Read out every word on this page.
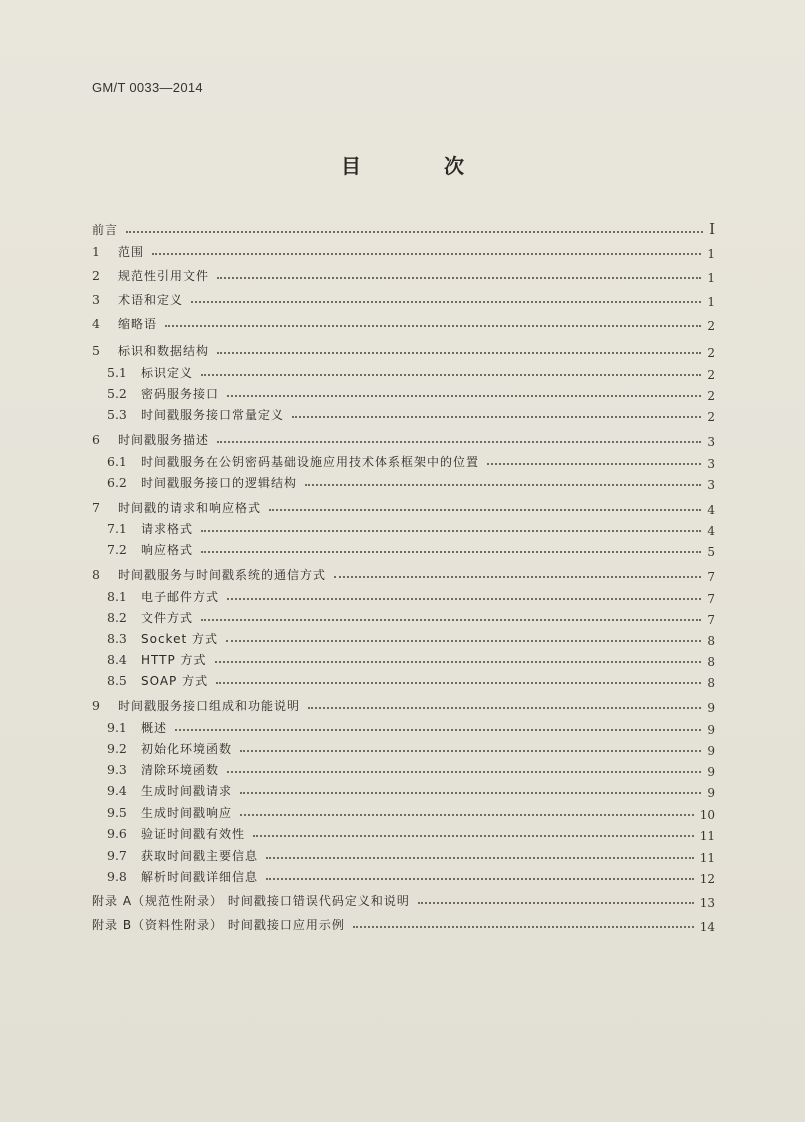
GM/T 0033—2014
目 次
前言	Ⅰ
1 范围	1
2 规范性引用文件	1
3 术语和定义	1
4 缩略语	2
5 标识和数据结构	2
5.1 标识定义	2
5.2 密码服务接口	2
5.3 时间戳服务接口常量定义	2
6 时间戳服务描述	3
6.1 时间戳服务在公钥密码基础设施应用技术体系框架中的位置	3
6.2 时间戳服务接口的逻辑结构	3
7 时间戳的请求和响应格式	4
7.1 请求格式	4
7.2 响应格式	5
8 时间戳服务与时间戳系统的通信方式	7
8.1 电子邮件方式	7
8.2 文件方式	7
8.3 Socket 方式	8
8.4 HTTP 方式	8
8.5 SOAP 方式	8
9 时间戳服务接口组成和功能说明	9
9.1 概述	9
9.2 初始化环境函数	9
9.3 清除环境函数	9
9.4 生成时间戳请求	9
9.5 生成时间戳响应	10
9.6 验证时间戳有效性	11
9.7 获取时间戳主要信息	11
9.8 解析时间戳详细信息	12
附录 A（规范性附录） 时间戳接口错误代码定义和说明	13
附录 B（资料性附录） 时间戳接口应用示例	14
